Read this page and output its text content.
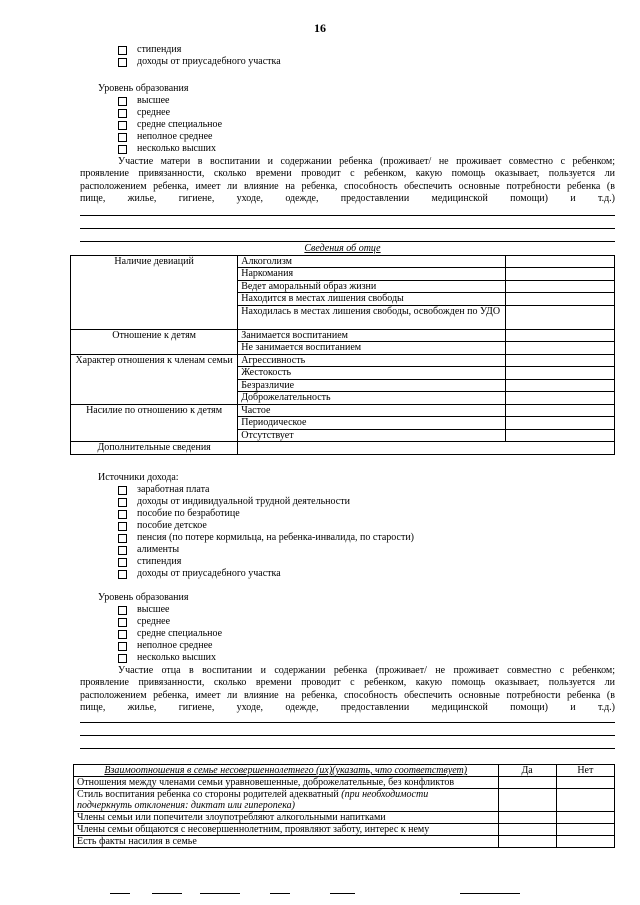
16
стипендия
доходы от приусадебного участка
Уровень образования
высшее
среднее
средне специальное
неполное среднее
несколько высших
Участие матери в воспитании и содержании ребенка (проживает/ не проживает совместно с ребенком;
проявление привязанности, сколько времени проводит с ребенком, какую помощь оказывает, пользуется ли
расположением ребенка, имеет ли влияние на ребенка, способность обеспечить основные потребности ребенка (в
пище, жилье, гигиене, уходе, одежде, предоставлении медицинской помощи) и т.д.)
Сведения об отце		
Наличие девиаций	Алкоголизм	
	Наркомания	
	Ведет аморальный образ жизни	
	Находится в местах лишения свободы	
	Находилась в местах лишения свободы, освобожден по УДО	
Отношение к детям	Занимается воспитанием	
	Не занимается воспитанием	
Характер отношения к членам семьи	Агрессивность	
	Жестокость	
	Безразличие	
	Доброжелательность	
Насилие по отношению к детям	Частое	
	Периодическое	
	Отсутствует	
Дополнительные сведения		
Источники дохода:
заработная плата
доходы от индивидуальной трудной деятельности
пособие по безработице
пособие детское
пенсия (по потере кормильца, на ребенка-инвалида, по старости)
алименты
стипендия
доходы от приусадебного участка
Уровень образования
высшее
среднее
средне специальное
неполное среднее
несколько высших
Участие отца в воспитании и содержании ребенка (проживает/ не проживает совместно с ребенком;
проявление привязанности, сколько времени проводит с ребенком, какую помощь оказывает, пользуется ли
расположением ребенка, имеет ли влияние на ребенка, способность обеспечить основные потребности ребенка (в
пище, жилье, гигиене, уходе, одежде, предоставлении медицинской помощи) и т.д.)
Взаимоотношения в семье несовершеннолетнего (их)(указать, что соответствует)	Да	Нет
Отношения между членами семьи уравновешенные, доброжелательные, без конфликтов		
Стиль воспитания ребенка со стороны родителей адекватный (при необходимости
подчеркнуть отклонения: диктат или гиперопека)		
Члены семьи или попечители злоупотребляют алкогольными напитками		
Члены семьи общаются с несовершеннолетним, проявляют заботу, интерес к нему		
Есть факты насилия в семье		
